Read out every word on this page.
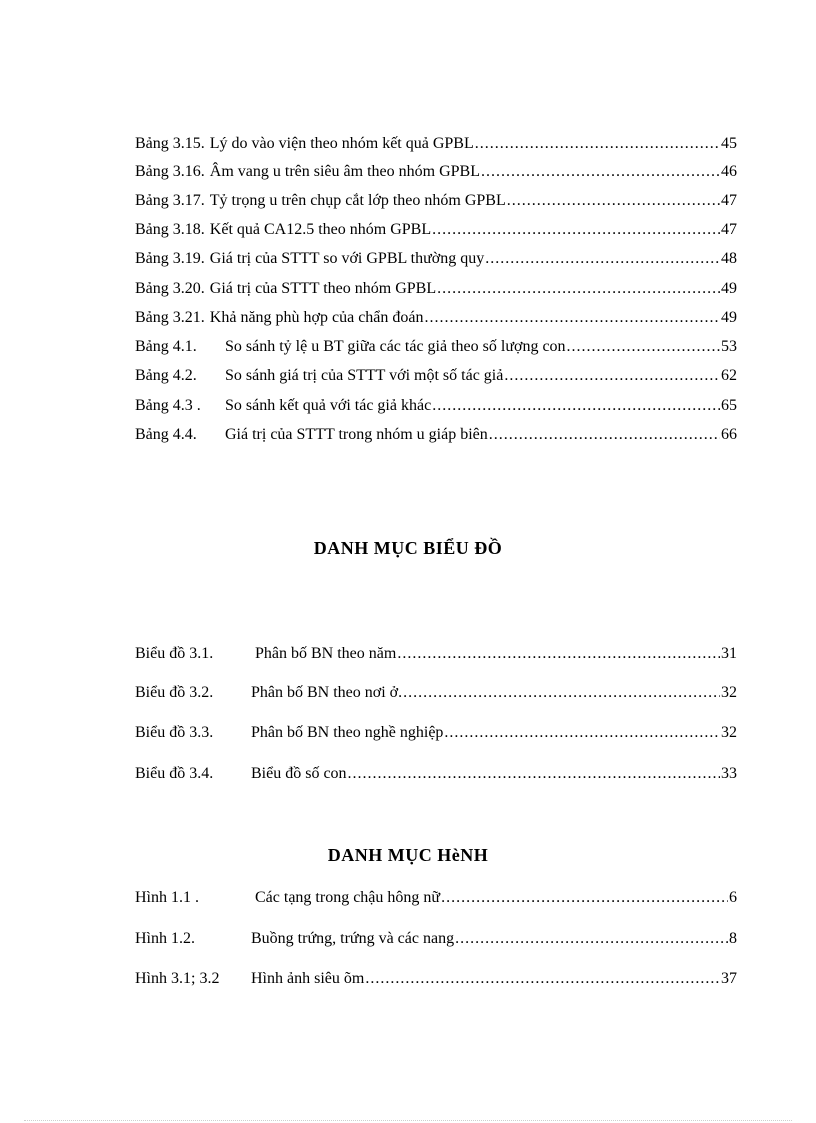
Bảng 3.15. Lý do vào viện theo nhóm kết quả GPBL .....	45
Bảng 3.16. Âm vang u trên siêu âm theo nhóm GPBL .....	46
Bảng 3.17. Tỷ trọng u trên chụp cắt lớp theo nhóm GPBL .....	47
Bảng 3.18. Kết quả CA12.5 theo nhóm GPBL .....	47
Bảng 3.19. Giá trị của STTT so với GPBL thường quy .....	48
Bảng 3.20. Giá trị của STTT theo nhóm GPBL .....	49
Bảng 3.21. Khả năng phù hợp của chẩn đoán .....	49
Bảng 4.1.	So sánh tỷ lệ u BT giữa các tác giả theo số lượng con .....	53
Bảng 4.2.	So sánh giá trị của STTT với một số tác giả .....	62
Bảng 4.3 .	So sánh kết quả với tác giả khác .....	65
Bảng 4.4.	Giá trị của STTT trong nhóm u giáp biên .....	66
DANH MỤC BIỂU ĐỒ
Biểu đồ 3.1.	Phân bố BN theo năm .....	31
Biểu đồ 3.2.	Phân bố BN theo nơi ở. .....	32
Biểu đồ 3.3.	Phân bố BN theo nghề nghiệp .....	32
Biểu đồ 3.4.	Biểu đồ số con .....	33
DANH MỤC HèNH
Hình 1.1 .	Các tạng trong chậu hông nữ .....	6
Hình 1.2.	Buồng trứng, trứng và các nang .....	8
Hình 3.1; 3.2	Hình ảnh siêu õm .....	37
